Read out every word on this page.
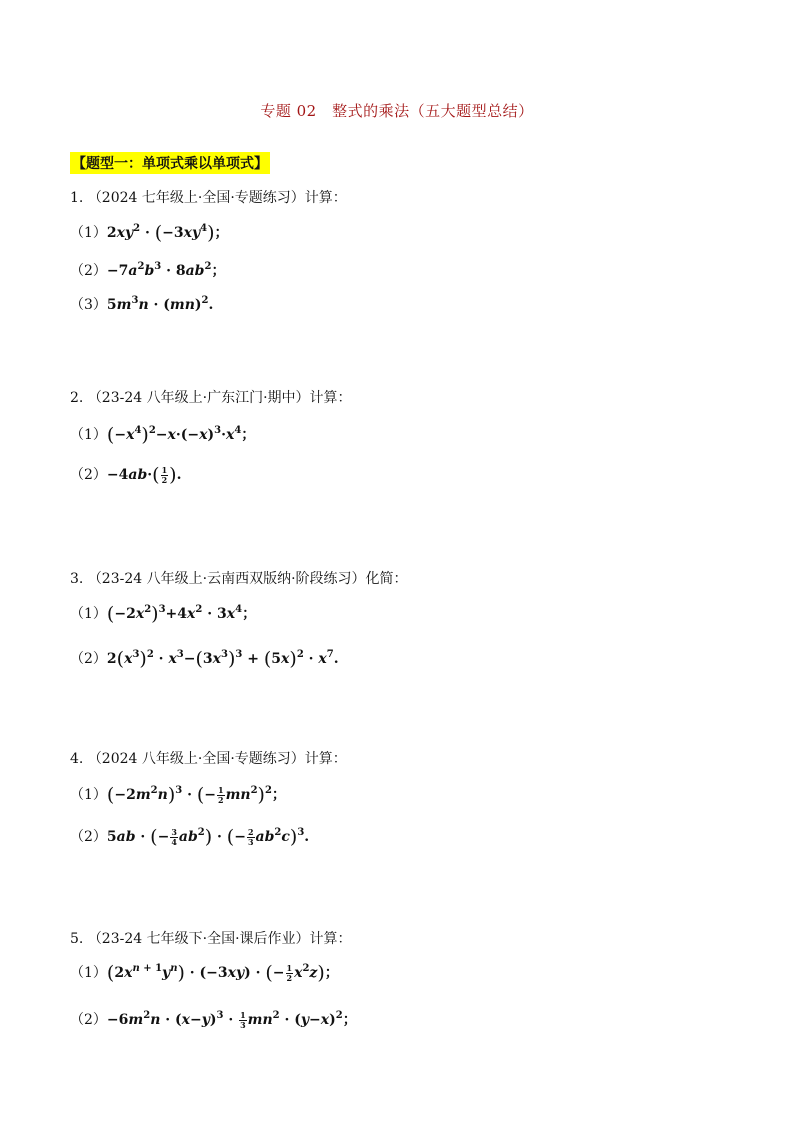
专题 02　整式的乘法（五大题型总结）
【题型一：单项式乘以单项式】
1. （2024 七年级上·全国·专题练习）计算：
$(1)2xy^2 \cdot (-3xy^4)$；
$(2)-7a^2b^3 \cdot 8ab^2$；
$(3)5m^3n \cdot (mn)^2$.
2. （23-24 八年级上·广东江门·期中）计算：
$(1)(-x^4)^2-x\cdot(-x)^3\cdot x^4$；
$(2)-4ab\cdot( \frac{1}{2}$ ).
3. （23-24 八年级上·云南西双版纳·阶段练习）化简：
$(1)(-2x^2)^3+4x^2 \cdot 3x^4$；
$(2)2(x^3)^2 \cdot x^3-(3x^3)^3 + (5x)^2 \cdot x^7$.
4. （2024 八年级上·全国·专题练习）计算：
$(1)(-2m^2n)^3$ · (− $\frac{1}{2} mn^2)^2$；
（2）5ab · (− $\frac{3}{4} ab^2$) · (− $\frac{2}{3} ab^2c)^3$.
5. （23-24 七年级下·全国·课后作业）计算：
$(1)(2x^{n + 1}y^n) \cdot (-3xy)$ · (− $\frac{1}{2} x^2z$)；
$(2)-6m^2n \cdot (x-y)^3 \cdot \frac{1}{3} mn^2 \cdot (y-x)^2$；
